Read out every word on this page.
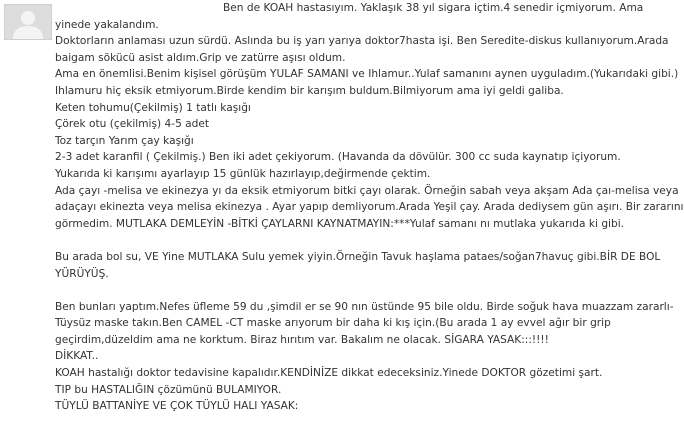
Ben de KOAH hastasıyım. Yaklaşık 38 yıl sigara içtim.4 senedir içmiyorum. Ama
yinede yakalandım.
Doktorların anlaması uzun sürdü. Aslında bu iş yarı yarıya doktor7hasta işi. Ben Seredite-diskus kullanıyorum.Arada
baigam sökücü asist aldım.Grip ve zatürre aşısı oldum.
Ama en önemlisi.Benim kişisel görüşüm YULAF SAMANI ve Ihlamur..Yulaf samanını aynen uyguladım.(Yukarıdaki gibi.)
Ihlamuru hiç eksik etmiyorum.Birde kendim bir karışım buldum.Bilmiyorum ama iyi geldi galiba.
Keten tohumu(Çekilmiş) 1 tatlı kaşığı
Çörek otu (çekilmiş) 4-5 adet
Toz tarçın Yarım çay kaşığı
2-3 adet karanfil ( Çekilmiş.) Ben iki adet çekiyorum. (Havanda da dövülür. 300 cc suda kaynatıp içiyorum.
Yukarıda ki karışımı ayarlayıp 15 günlük hazırlayıp,değirmende çektim.
Ada çayı -melisa ve ekinezya yı da eksik etmiyorum bitki çayı olarak. Örneğin sabah veya akşam Ada çaı-melisa veya
adaçayı ekinezta veya melisa ekinezya . Ayar yapıp demliyorum.Arada Yeşil çay. Arada dediysem gün aşırı. Bir zararını
görmedim. MUTLAKA DEMLEYİN -BİTKİ ÇAYLARNI KAYNATMAYIN:***Yulaf samanı nı mutlaka yukarıda ki gibi.
Bu arada bol su, VE Yine MUTLAKA Sulu yemek yiyin.Örneğin Tavuk haşlama pataes/soğan7havuç gibi.BİR DE BOL
YÜRÜYÜŞ.
Ben bunları yaptım.Nefes üfleme 59 du ,şimdil er se 90 nın üstünde 95 bile oldu. Birde soğuk hava muazzam zararlı-
Tüysüz maske takın.Ben CAMEL -CT maske arıyorum bir daha ki kış için.(Bu arada 1 ay evvel ağır bir grip
geçirdim,düzeldim ama ne korktum. Biraz hırıtım var. Bakalım ne olacak. SİGARA YASAK:::!!!!
DİKKAT..
KOAH hastalığı doktor tedavisine kapalıdır.KENDİNİZE dikkat edeceksiniz.Yinede DOKTOR gözetimi şart.
TIP bu HASTALIĞIN çözümünü BULAMIYOR.
TÜYLÜ BATTANİYE VE ÇOK TÜYLÜ HALI YASAK:
